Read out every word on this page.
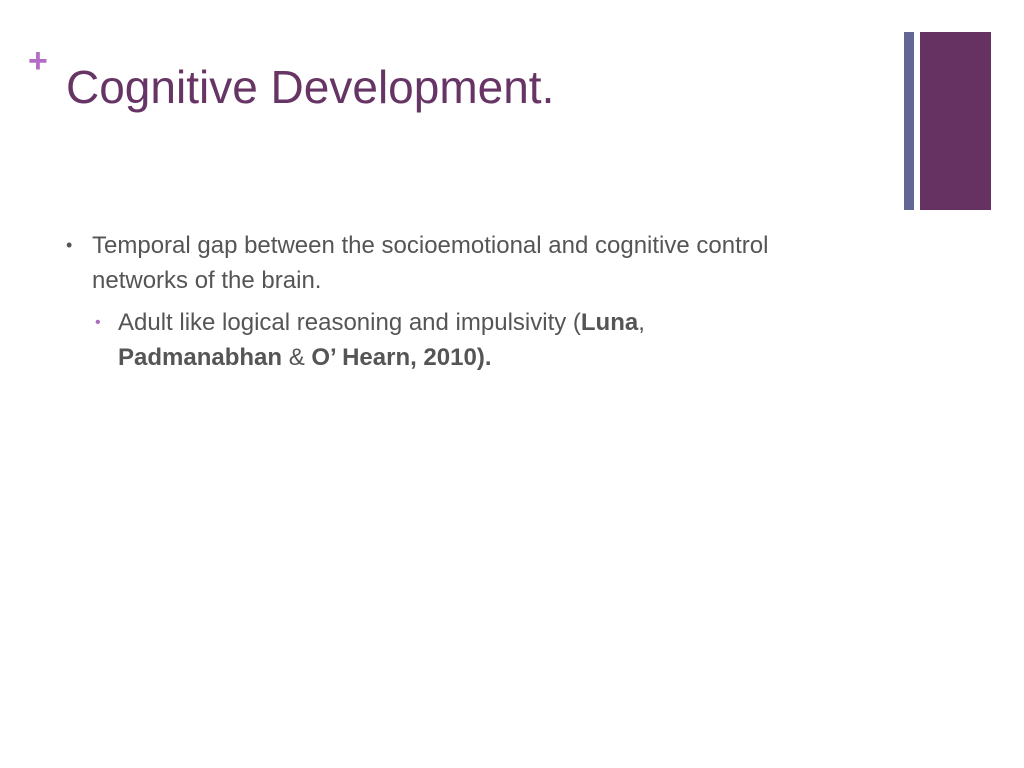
+ Cognitive Development.
• Temporal gap between the socioemotional and cognitive control networks of the brain.
• Adult like logical reasoning and impulsivity (Luna,
Padmanabhan & O’ Hearn, 2010).
